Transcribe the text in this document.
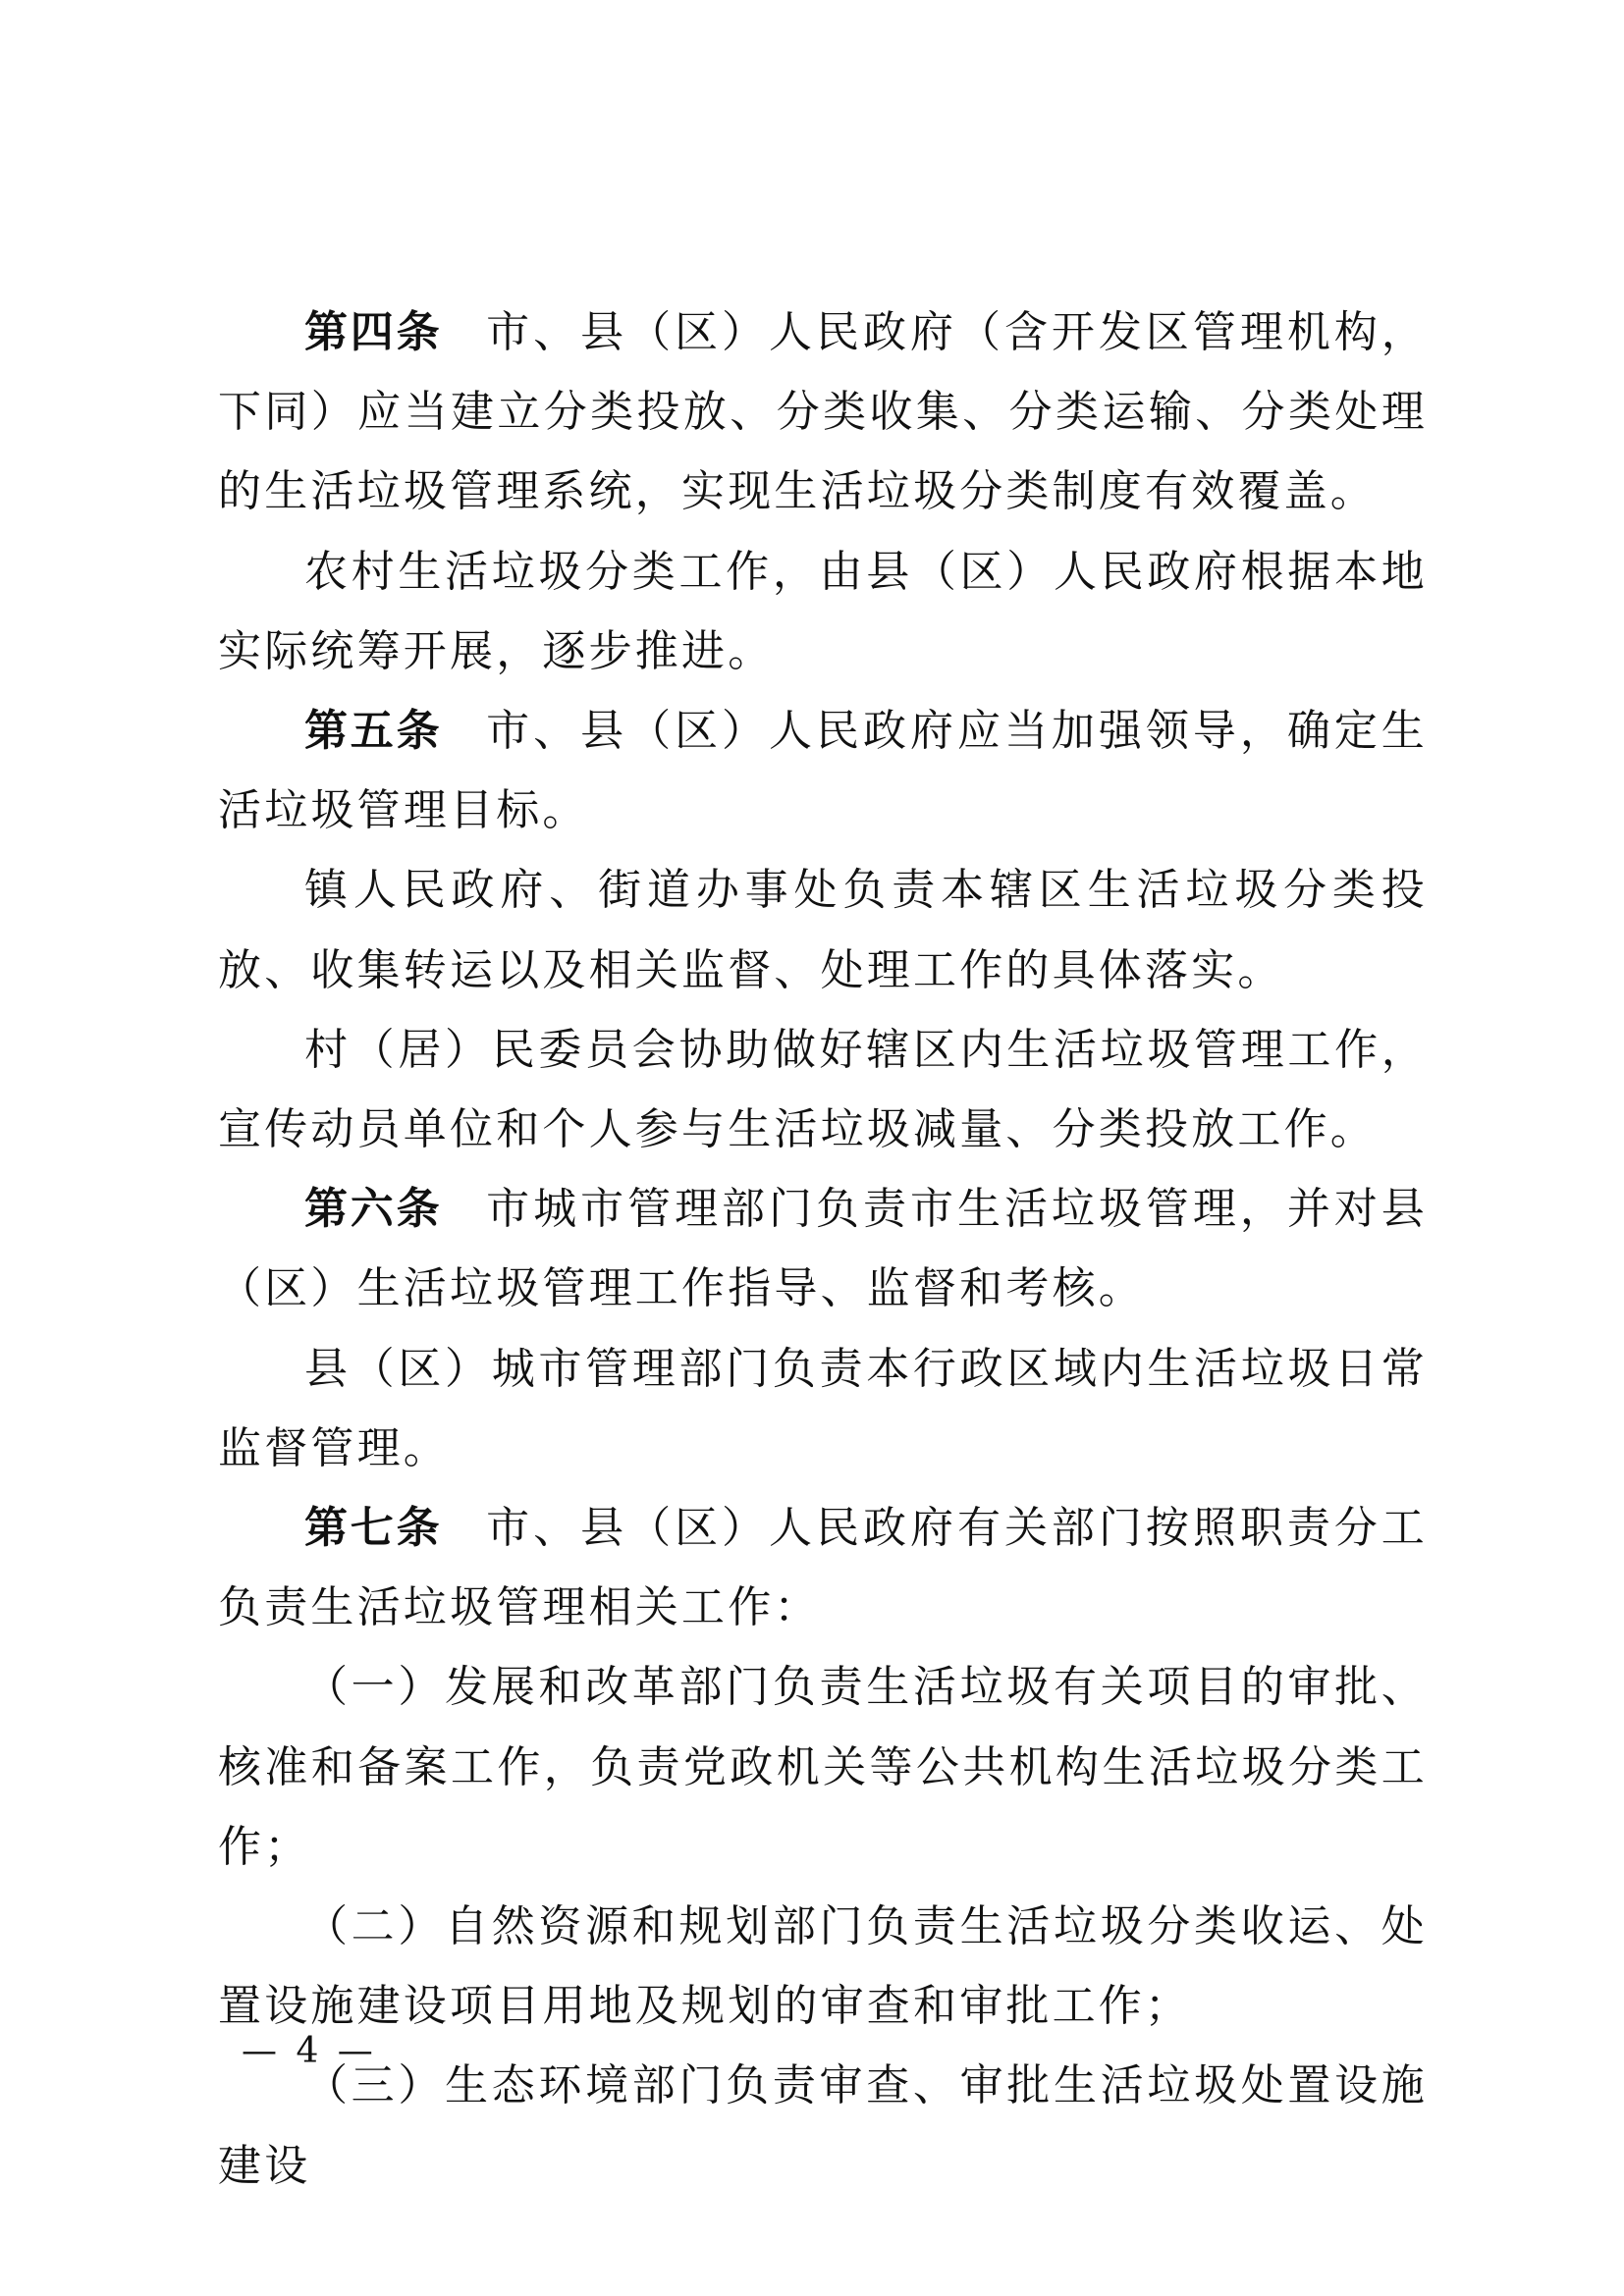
第四条 市、县（区）人民政府（含开发区管理机构，下同）应当建立分类投放、分类收集、分类运输、分类处理的生活垃圾管理系统，实现生活垃圾分类制度有效覆盖。

农村生活垃圾分类工作，由县（区）人民政府根据本地实际统筹开展，逐步推进。

第五条 市、县（区）人民政府应当加强领导，确定生活垃圾管理目标。

镇人民政府、街道办事处负责本辖区生活垃圾分类投放、收集转运以及相关监督、处理工作的具体落实。

村（居）民委员会协助做好辖区内生活垃圾管理工作，宣传动员单位和个人参与生活垃圾减量、分类投放工作。

第六条 市城市管理部门负责市生活垃圾管理，并对县（区）生活垃圾管理工作指导、监督和考核。

县（区）城市管理部门负责本行政区域内生活垃圾日常监督管理。

第七条 市、县（区）人民政府有关部门按照职责分工负责生活垃圾管理相关工作：

（一）发展和改革部门负责生活垃圾有关项目的审批、核准和备案工作，负责党政机关等公共机构生活垃圾分类工作；

（二）自然资源和规划部门负责生活垃圾分类收运、处置设施建设项目用地及规划的审查和审批工作；

（三）生态环境部门负责审查、审批生活垃圾处置设施建设

— 4 —
